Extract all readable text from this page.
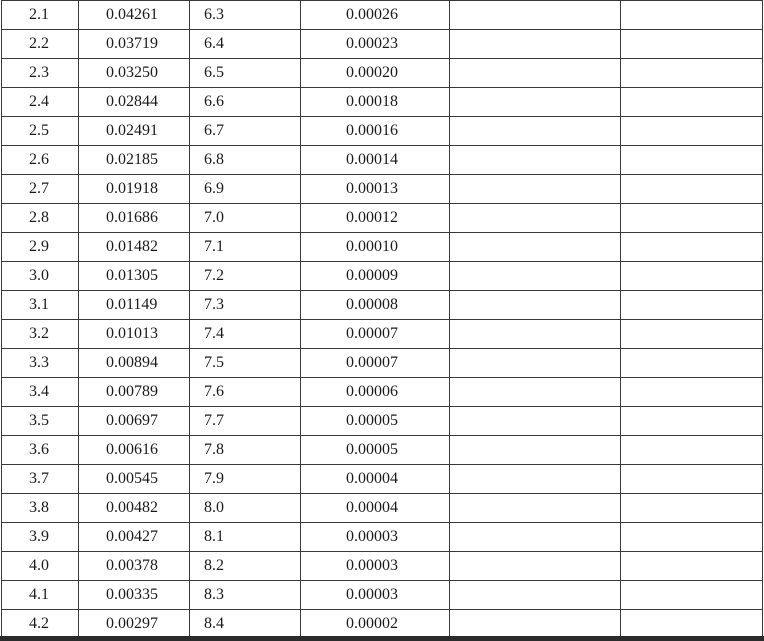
2.1	0.04261	6.3	0.00026		
2.2	0.03719	6.4	0.00023		
2.3	0.03250	6.5	0.00020		
2.4	0.02844	6.6	0.00018		
2.5	0.02491	6.7	0.00016		
2.6	0.02185	6.8	0.00014		
2.7	0.01918	6.9	0.00013		
2.8	0.01686	7.0	0.00012		
2.9	0.01482	7.1	0.00010		
3.0	0.01305	7.2	0.00009		
3.1	0.01149	7.3	0.00008		
3.2	0.01013	7.4	0.00007		
3.3	0.00894	7.5	0.00007		
3.4	0.00789	7.6	0.00006		
3.5	0.00697	7.7	0.00005		
3.6	0.00616	7.8	0.00005		
3.7	0.00545	7.9	0.00004		
3.8	0.00482	8.0	0.00004		
3.9	0.00427	8.1	0.00003		
4.0	0.00378	8.2	0.00003		
4.1	0.00335	8.3	0.00003		
4.2	0.00297	8.4	0.00002		
